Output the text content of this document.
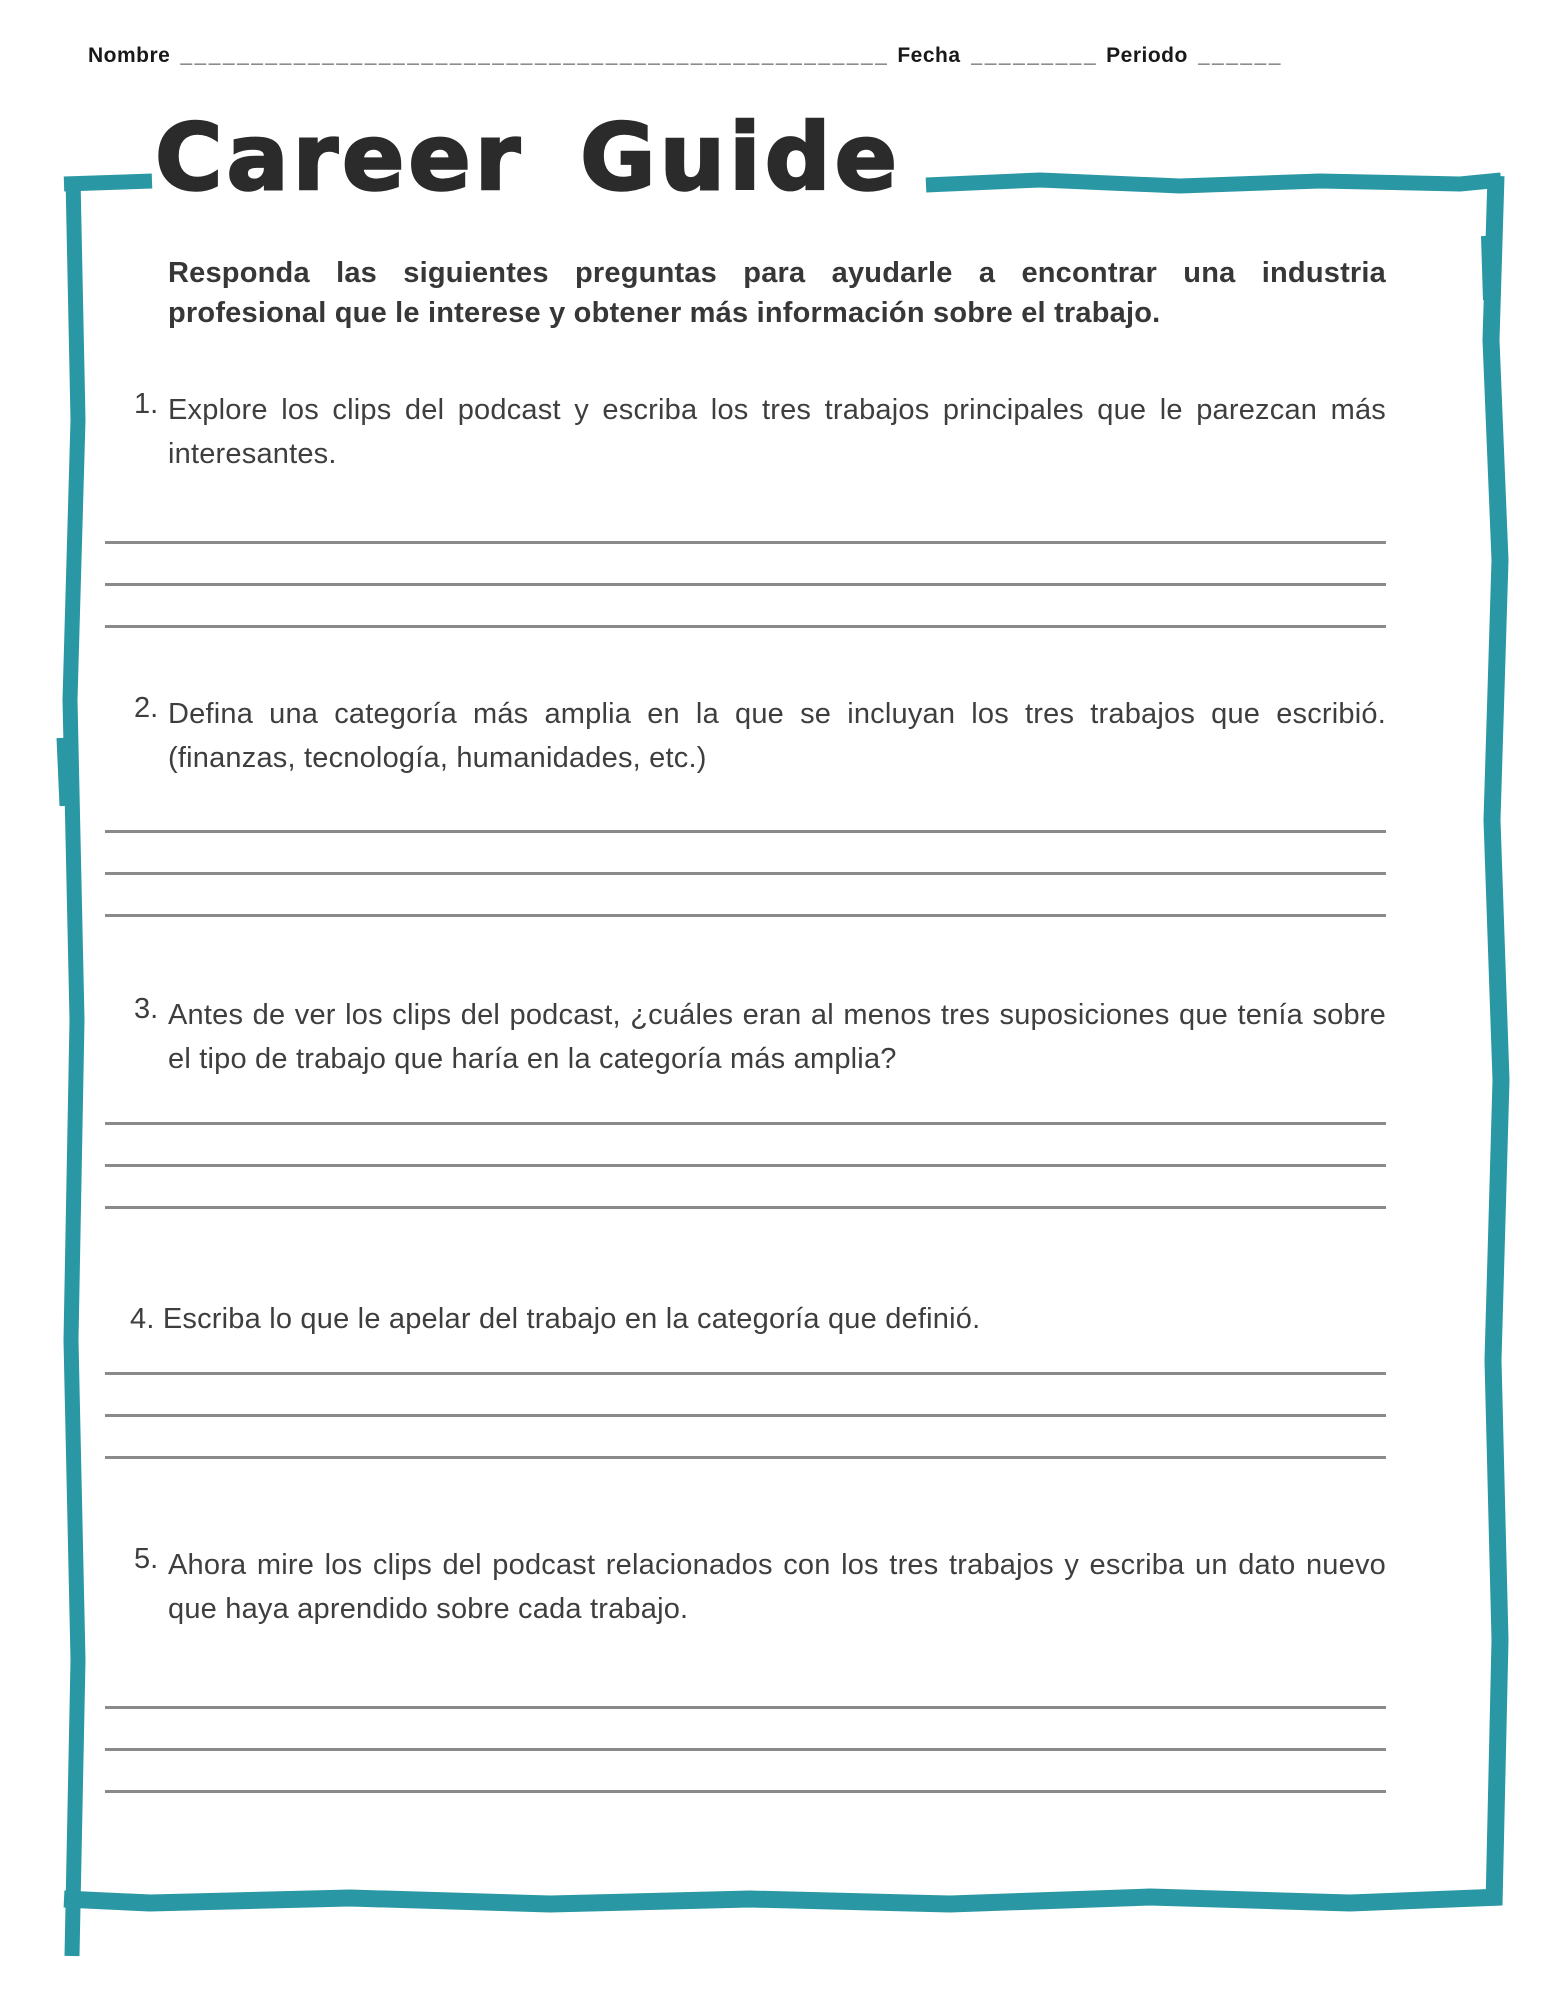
Nombre __________________________________________________ Fecha _________ Periodo ______
Career Guide
Responda las siguientes preguntas para ayudarle a encontrar una industria profesional que le interese y obtener más información sobre el trabajo.
1. Explore los clips del podcast y escriba los tres trabajos principales que le parezcan más interesantes.
2. Defina una categoría más amplia en la que se incluyan los tres trabajos que escribió. (finanzas, tecnología, humanidades, etc.)
3. Antes de ver los clips del podcast, ¿cuáles eran al menos tres suposiciones que tenía sobre el tipo de trabajo que haría en la categoría más amplia?
4. Escriba lo que le apelar del trabajo en la categoría que definió.
5. Ahora mire los clips del podcast relacionados con los tres trabajos y escriba un dato nuevo que haya aprendido sobre cada trabajo.
